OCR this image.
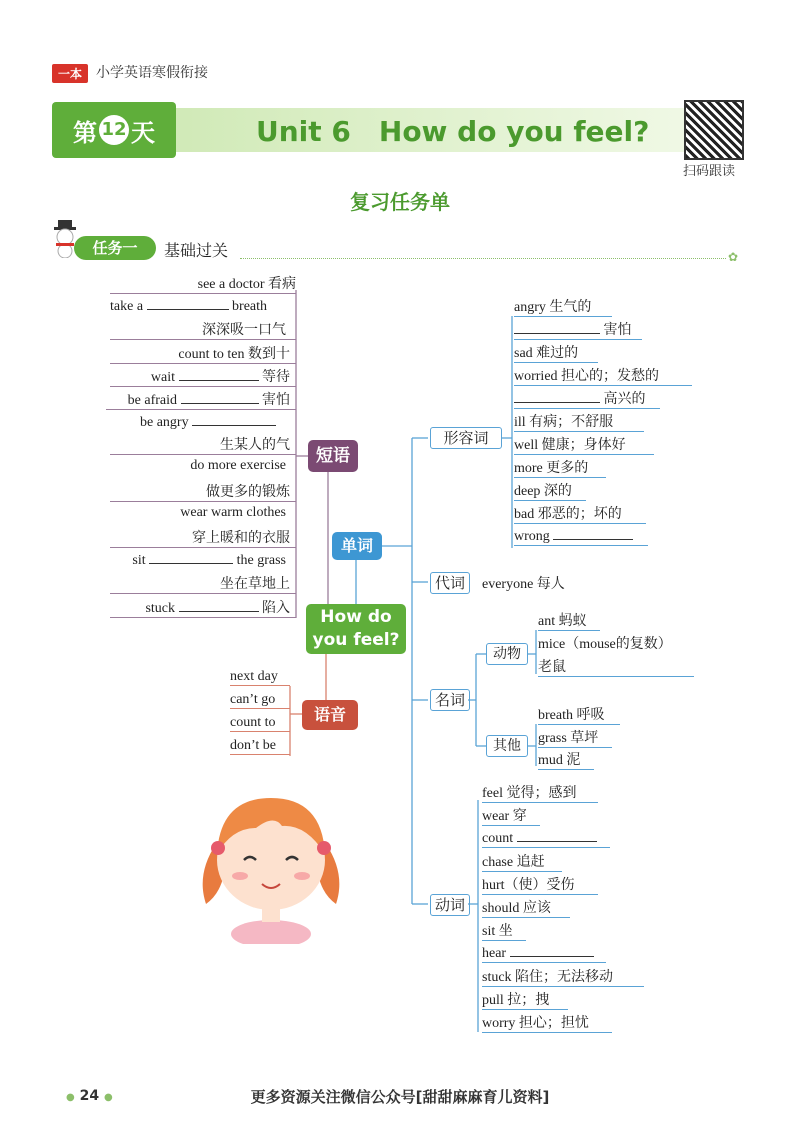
一本 小学英语寒假衔接
第 12 天	Unit 6　How do you feel?
扫码跟读
复习任务单
任务一	基础过关	✿
see a doctor 看病
take a	breath
深深吸一口气
count to ten 数到十
wait	等待
be afraid	害怕
be angry
生某人的气
do more exercise
做更多的锻炼
wear warm clothes
穿上暖和的衣服
sit	the grass
坐在草地上
stuck	陷入
短语
单词
How do
you feel?
语音
next day
can’t go
count to
don’t be
形容词
代词
名词
动物
其他
动词
angry 生气的
害怕
sad 难过的
worried 担心的；发愁的
高兴的
ill 有病；不舒服
well 健康；身体好
more 更多的
deep 深的
bad 邪恶的；坏的
wrong
everyone 每人
ant 蚂蚁
mice（mouse的复数）
老鼠
breath 呼吸
grass 草坪
mud 泥
feel 觉得；感到
wear 穿
count
chase 追赶
hurt（使）受伤
should 应该
sit 坐
hear
stuck 陷住；无法移动
pull 拉；拽
worry 担心；担忧
● 24 ●	更多资源关注微信公众号[甜甜麻麻育儿资料]
